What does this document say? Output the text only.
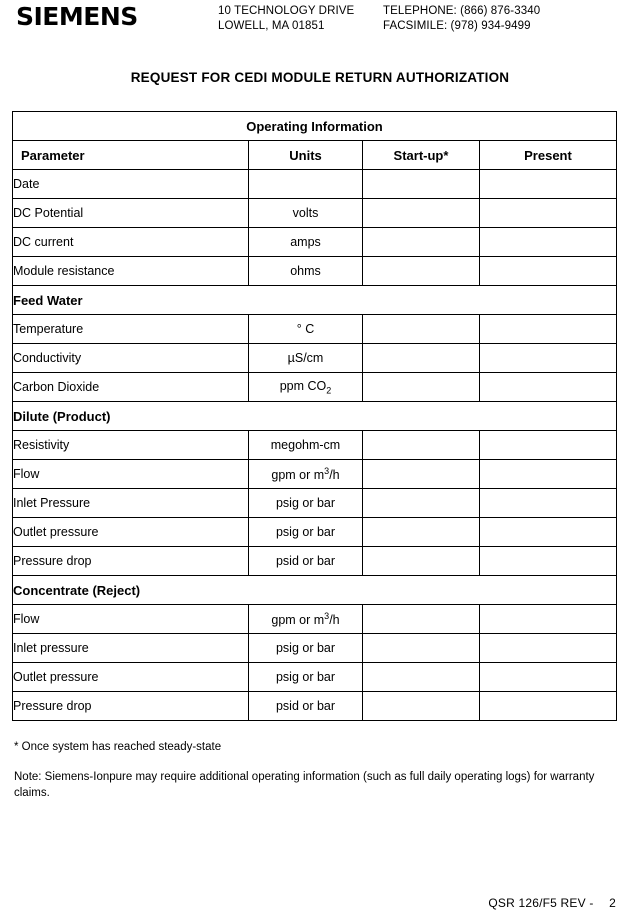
SIEMENS	10 TECHNOLOGY DRIVE	TELEPHONE: (866) 876-3340
LOWELL, MA 01851	FACSIMILE: (978) 934-9499
REQUEST FOR CEDI MODULE RETURN AUTHORIZATION
Operating Information			
Parameter	Units	Start-up*	Present
Date			
DC Potential	volts		
DC current	amps		
Module resistance	ohms		
Feed Water			
Temperature	° C		
Conductivity	µS/cm		
Carbon Dioxide	ppm $CO_2$		
Dilute (Product)			
Resistivity	megohm-cm		
Flow	gpm or $m^3/h$		
Inlet Pressure	psig or bar		
Outlet pressure	psig or bar		
Pressure drop	psid or bar		
Concentrate (Reject)			
Flow	gpm or $m^3/h$		
Inlet pressure	psig or bar		
Outlet pressure	psig or bar		
Pressure drop	psid or bar		
* Once system has reached steady-state
Note: Siemens-Ionpure may require additional operating information (such as full daily operating logs) for warranty claims.
QSR 126/F5 REV - 2
